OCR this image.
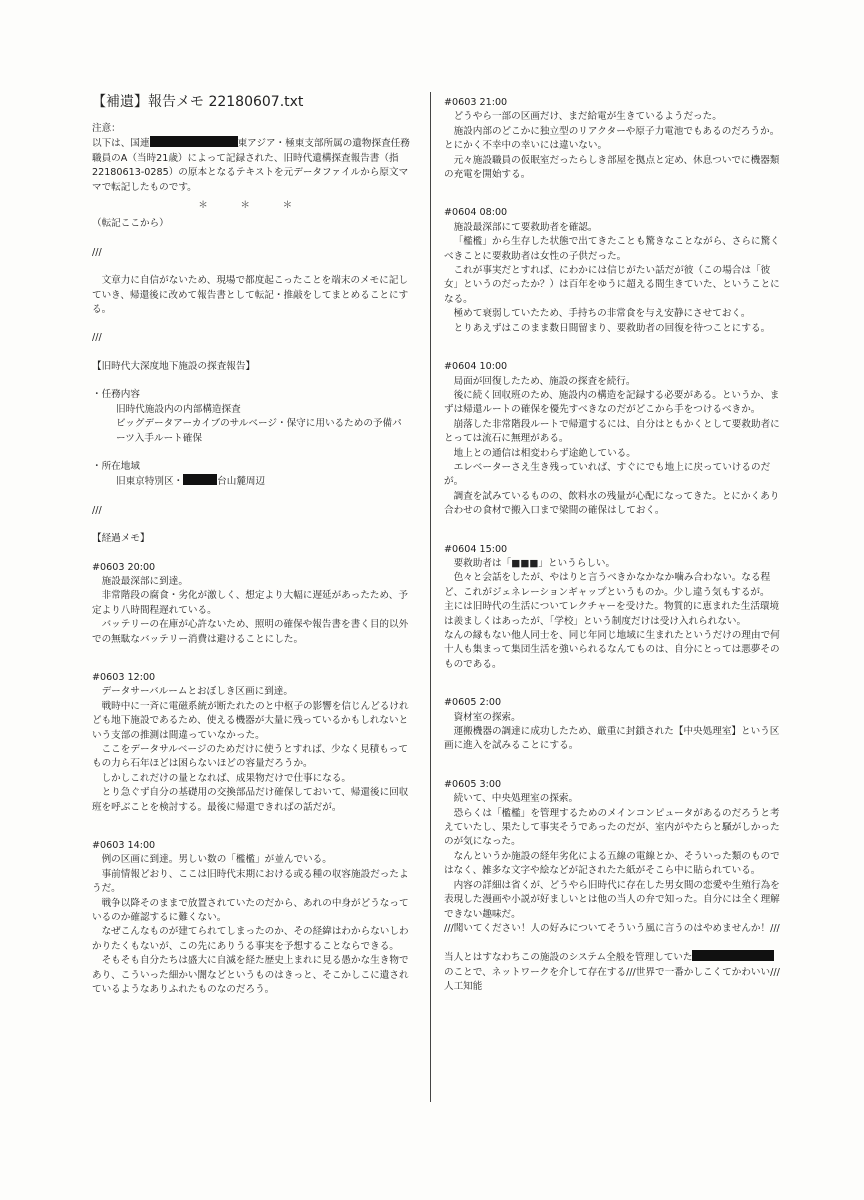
【補遺】報告メモ 22180607.txt
注意：

以下は、国連	東アジア・極東支部所属の遺物探査任務職員のA（当時21歳）によって記録された、旧時代遺構探査報告書（指 22180613-0285）の原本となるテキストを元データファイルから原文ママで転記したものです。

＊　＊　＊
（転記ここから）
///

文章力に自信がないため、現場で都度起こったことを端末のメモに記していき、帰還後に改めて報告書として転記・推敲をしてまとめることにする。

///
【旧時代大深度地下施設の探査報告】
・任務内容
旧時代施設内の内部構造探査
ビッグデータアーカイブのサルベージ・保守に用いるための予備パーツ入手ルート確保
・所在地域
旧東京特別区・	台山麓周辺
///
【経過メモ】
#0603 20:00

施設最深部に到達。

非常階段の腐食・劣化が激しく、想定より大幅に遅延があったため、予定より八時間程遅れている。

バッテリーの在庫が心許ないため、照明の確保や報告書を書く目的以外での無駄なバッテリー消費は避けることにした。

#0603 12:00

データサーバルームとおぼしき区画に到達。

戦時中に一斉に電磁系統が断たれたのと中枢子の影響を信じんどるけれども地下施設であるため、使える機器が大量に残っているかもしれないという支部の推測は間違っていなかった。

ここをデータサルベージのためだけに使うとすれば、少なく見積もってもの力ら石年ほどは困らないほどの容量だろうか。

しかしこれだけの量となれば、成果物だけで仕事になる。

とり急ぐず自分の基礎用の交換部品だけ確保しておいて、帰還後に回収班を呼ぶことを検討する。最後に帰還できればの話だが。

#0603 14:00

例の区画に到達。男しい数の「檻檻」が並んでいる。

事前情報どおり、ここは旧時代末期における或る種の収容施設だったようだ。

戦争以降そのままで放置されていたのだから、あれの中身がどうなっているのか確認するに難くない。

なぜこんなものが建てられてしまったのか、その経緯はわからないしわかりたくもないが、この先にありうる事実を予想することならできる。

そもそも自分たちは盛大に自滅を経た歴史上まれに見る愚かな生き物であり、こういった細かい闇などというものはきっと、そこかしこに遺されているようなありふれたものなのだろう。

#0603 21:00

どうやら一部の区画だけ、まだ給電が生きているようだった。

施設内部のどこかに独立型のリアクターや原子力電池でもあるのだろうか。とにかく不幸中の幸いには違いない。

元々施設職員の仮眠室だったらしき部屋を拠点と定め、休息ついでに機器類の充電を開始する。

#0604 08:00

施設最深部にて要救助者を確認。

「檻檻」から生存した状態で出てきたことも驚きなことながら、さらに驚くべきことに要救助者は女性の子供だった。

これが事実だとすれば、にわかには信じがたい話だが彼（この場合は「彼女」というのだったか？）は百年をゆうに超える間生きていた、ということになる。

極めて衰弱していたため、手持ちの非常食を与え安静にさせておく。

とりあえずはこのまま数日間留まり、要救助者の回復を待つことにする。

#0604 10:00

局面が回復したため、施設の探査を続行。

後に続く回収班のため、施設内の構造を記録する必要がある。というか、まずは帰還ルートの確保を優先すべきなのだがどこから手をつけるべきか。

崩落した非常階段ルートで帰還するには、自分はともかくとして要救助者にとっては流石に無理がある。

地上との通信は相変わらず途絶している。

エレベーターさえ生き残っていれば、すぐにでも地上に戻っていけるのだが。

調査を試みているものの、飲料水の残量が心配になってきた。とにかくあり合わせの食材で搬入口まで梁間の確保はしておく。

#0604 15:00

要救助者は「■■■」というらしい。

色々と会話をしたが、やはりと言うべきかなかなか噛み合わない。なる程ど、これがジェネレーションギャップというものか。少し違う気もするが。

主には旧時代の生活についてレクチャーを受けた。物質的に恵まれた生活環境は羨ましくはあったが、「学校」という制度だけは受け入れられない。

なんの縁もない他人同士を、同じ年同じ地域に生まれたというだけの理由で何十人も集まって集団生活を強いられるなんてものは、自分にとっては悪夢そのものである。

#0605 2:00

資材室の探索。

運搬機器の調達に成功したため、厳重に封鎖された【中央処理室】という区画に進入を試みることにする。

#0605 3:00

続いて、中央処理室の探索。

恐らくは「檻檻」を管理するためのメインコンピュータがあるのだろうと考えていたし、果たして事実そうであったのだが、室内がやたらと騒がしかったのが気になった。

なんというか施設の経年劣化による五線の電線とか、そういった類のものではなく、雑多な文字や絵などが記されたた紙がそこら中に貼られている。

内容の詳細は省くが、どうやら旧時代に存在した男女間の恋愛や生殖行為を表現した漫画や小説が好ましいとは他の当人の弁で知った。自分には全く理解できない趣味だ。

///聞いてください！人の好みについてそういう風に言うのはやめませんか！///

当人とはすなわちこの施設のシステム全般を管理していたのことで、ネットワークを介して存在する///世界で一番かしこくてかわいい///人工知能
